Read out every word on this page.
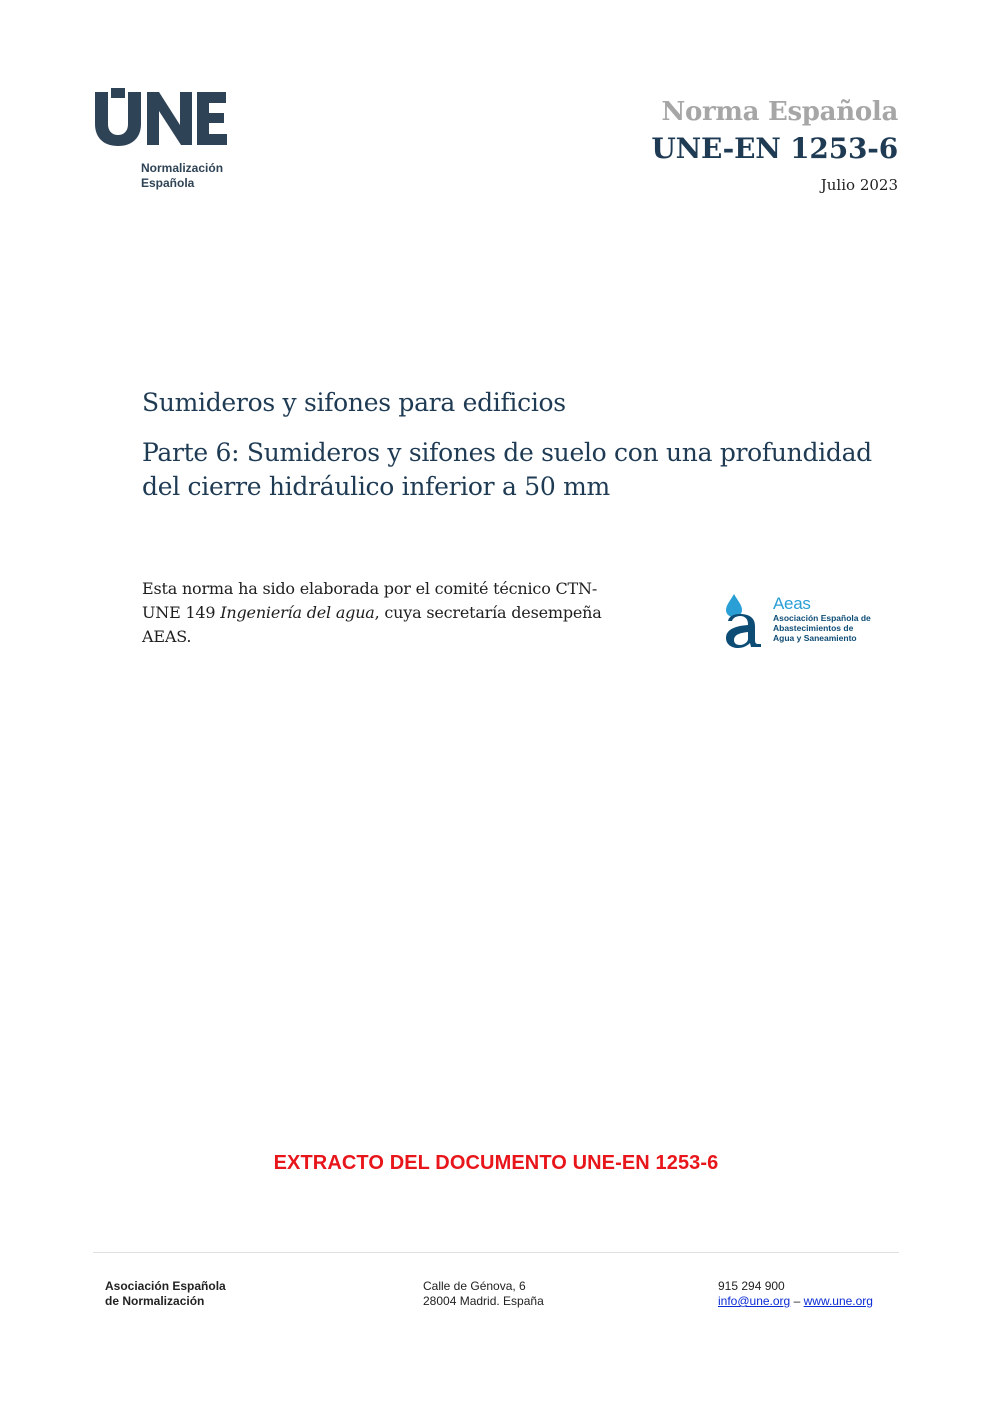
Normalización
Española
Norma Española
UNE-EN 1253-6
Julio 2023
Sumideros y sifones para edificios
Parte 6: Sumideros y sifones de suelo con una profundidad del cierre hidráulico inferior a 50 mm
Esta norma ha sido elaborada por el comité técnico CTN-UNE 149 Ingeniería del agua, cuya secretaría desempeña AEAS.
Aeas
Asociación Española de
Abastecimientos de
Agua y Saneamiento
EXTRACTO DEL DOCUMENTO UNE-EN 1253-6
Asociación Española
de Normalización
Calle de Génova, 6
28004 Madrid. España
915 294 900
info@une.org – www.une.org
